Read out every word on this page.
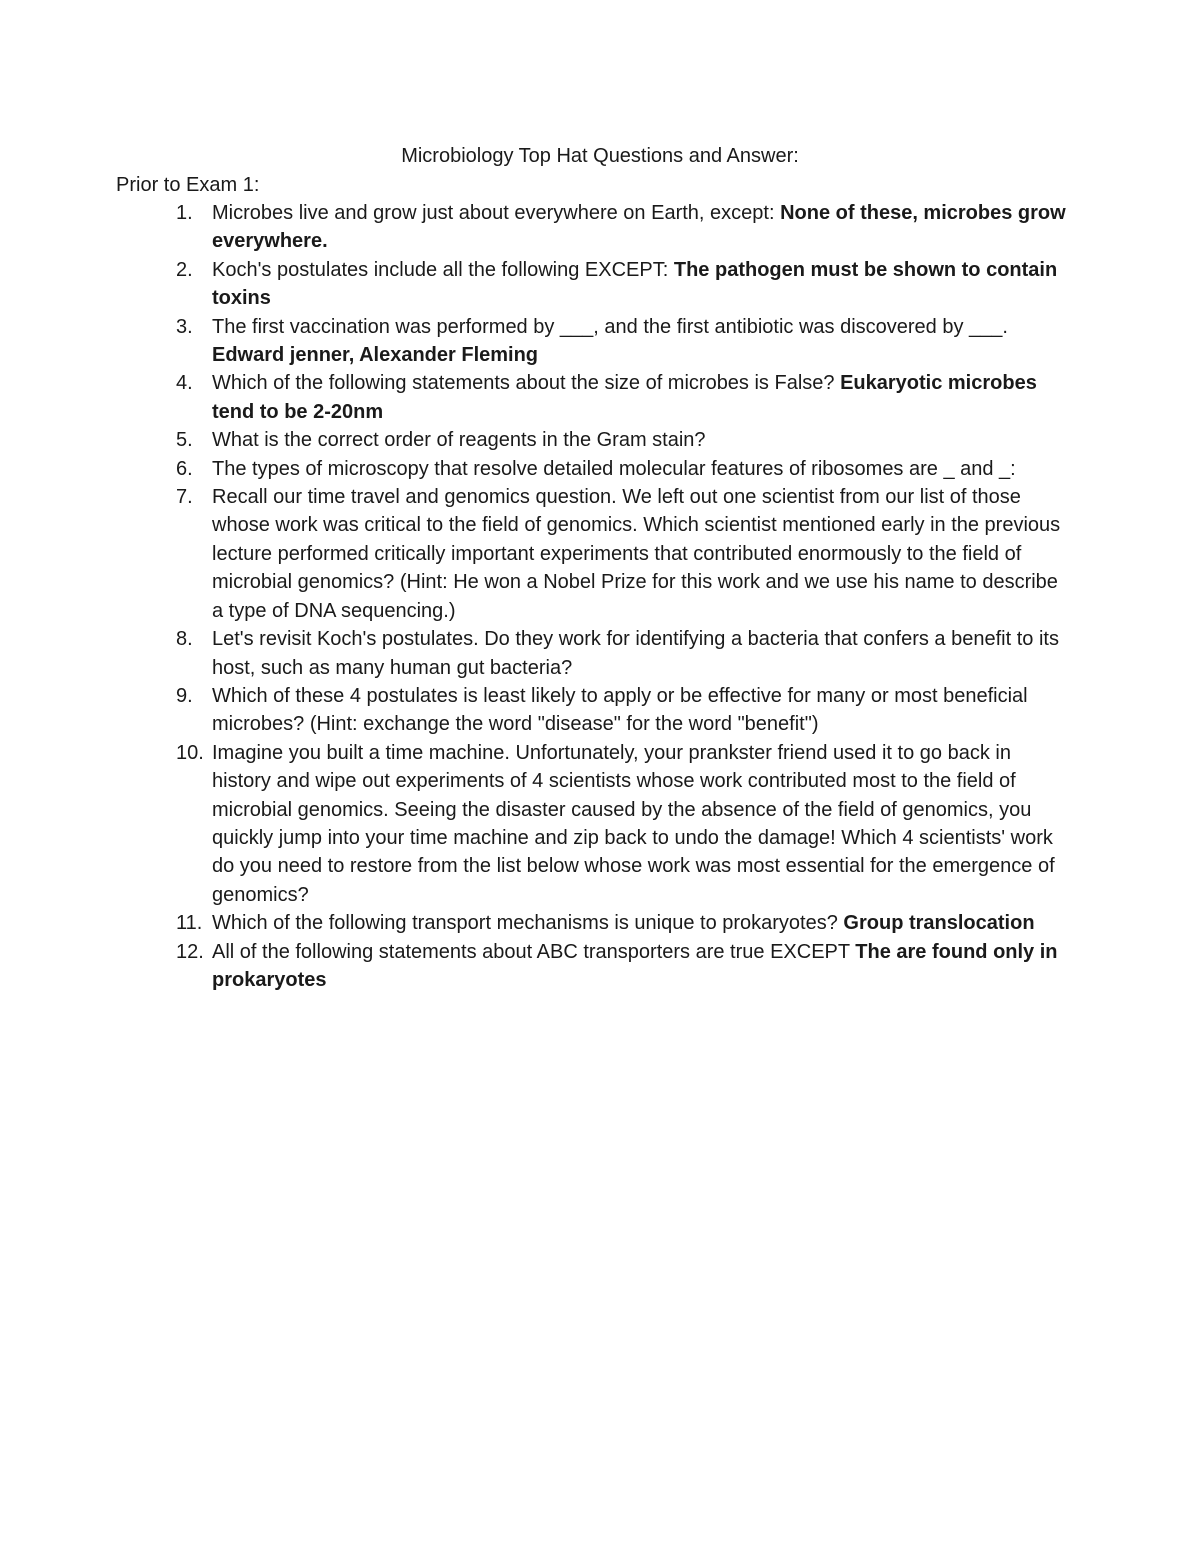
Microbiology Top Hat Questions and Answer:
Prior to Exam 1:
1. Microbes live and grow just about everywhere on Earth, except: None of these, microbes grow everywhere.
2. Koch's postulates include all the following EXCEPT: The pathogen must be shown to contain toxins
3. The first vaccination was performed by ___, and the first antibiotic was discovered by ___. Edward jenner, Alexander Fleming
4. Which of the following statements about the size of microbes is False? Eukaryotic microbes tend to be 2-20nm
5. What is the correct order of reagents in the Gram stain?
6. The types of microscopy that resolve detailed molecular features of ribosomes are _ and _:
7. Recall our time travel and genomics question. We left out one scientist from our list of those whose work was critical to the field of genomics. Which scientist mentioned early in the previous lecture performed critically important experiments that contributed enormously to the field of microbial genomics? (Hint: He won a Nobel Prize for this work and we use his name to describe a type of DNA sequencing.)
8. Let's revisit Koch's postulates. Do they work for identifying a bacteria that confers a benefit to its host, such as many human gut bacteria?
9. Which of these 4 postulates is least likely to apply or be effective for many or most beneficial microbes? (Hint: exchange the word "disease" for the word "benefit")
10. Imagine you built a time machine. Unfortunately, your prankster friend used it to go back in history and wipe out experiments of 4 scientists whose work contributed most to the field of microbial genomics. Seeing the disaster caused by the absence of the field of genomics, you quickly jump into your time machine and zip back to undo the damage! Which 4 scientists' work do you need to restore from the list below whose work was most essential for the emergence of genomics?
11. Which of the following transport mechanisms is unique to prokaryotes? Group translocation
12. All of the following statements about ABC transporters are true EXCEPT The are found only in prokaryotes
